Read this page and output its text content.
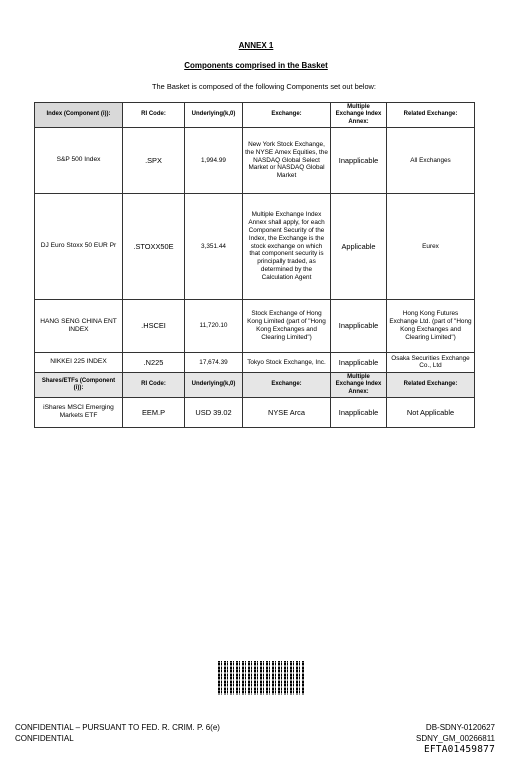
ANNEX 1
Components comprised in the Basket
The Basket is composed of the following Components set out below:
Index (Component (i)):	RI Code:	Underlying(k,0)	Exchange:	Multiple Exchange Index Annex:	Related Exchange:
S&P 500 Index	.SPX	1,994.99	New York Stock Exchange, the NYSE Amex Equities, the NASDAQ Global Select Market or NASDAQ Global Market	Inapplicable	All Exchanges
DJ Euro Stoxx 50 EUR Pr	.STOXX50E	3,351.44	Multiple Exchange Index Annex shall apply, for each Component Security of the Index, the Exchange is the stock exchange on which that component security is principally traded, as determined by the Calculation Agent	Applicable	Eurex
HANG SENG CHINA ENT INDEX	.HSCEI	11,720.10	Stock Exchange of Hong Kong Limited (part of "Hong Kong Exchanges and Clearing Limited")	Inapplicable	Hong Kong Futures Exchange Ltd. (part of "Hong Kong Exchanges and Clearing Limited")
NIKKEI 225 INDEX	.N225	17,674.39	Tokyo Stock Exchange, Inc.	Inapplicable	Osaka Securities Exchange Co., Ltd
Shares/ETFs (Component (i)):	RI Code:	Underlying(k,0)	Exchange:	Multiple Exchange Index Annex:	Related Exchange:
iShares MSCI Emerging Markets ETF	EEM.P	USD 39.02	NYSE Arca	Inapplicable	Not Applicable
CONFIDENTIAL – PURSUANT TO FED. R. CRIM. P. 6(e)
CONFIDENTIAL
DB-SDNY-0120627
SDNY_GM_00266811
EFTA01459877
